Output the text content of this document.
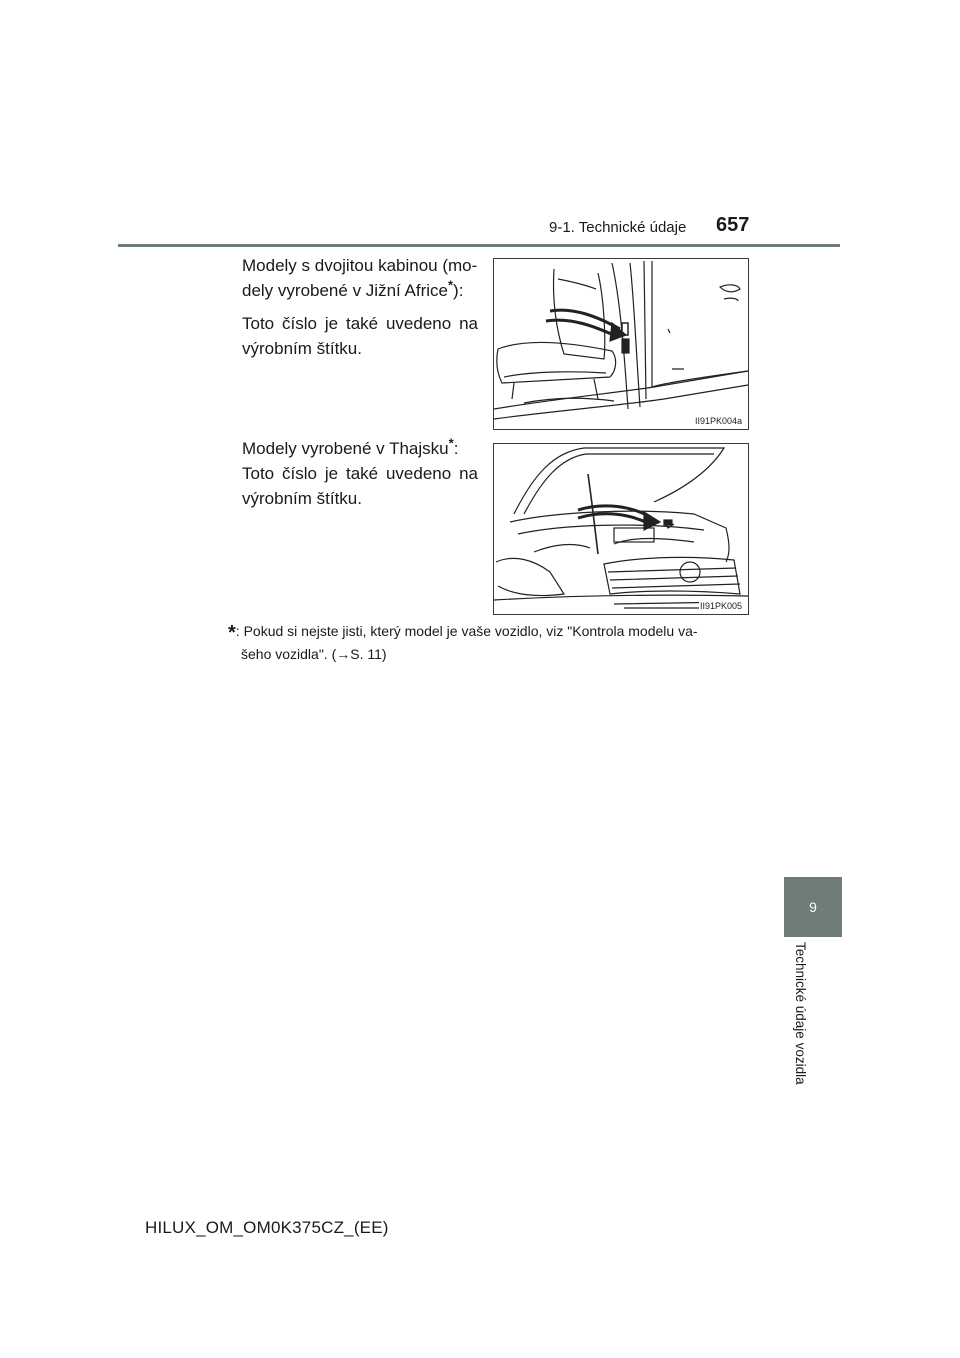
9-1. Technické údaje 657

Modely s dvojitou kabinou (mo-
dely vyrobené v Jižní Africe*):

Toto číslo je také uvedeno na výrobním štítku.

II91PK004a

Modely vyrobené v Thajsku*:

Toto číslo je také uvedeno na výrobním štítku.

II91PK005
*: Pokud si nejste jisti, který model je vaše vozidlo, viz "Kontrola modelu va-
šeho vozidla". (→S. 11)
9
Technické údaje vozidla
HILUX_OM_OM0K375CZ_(EE)
